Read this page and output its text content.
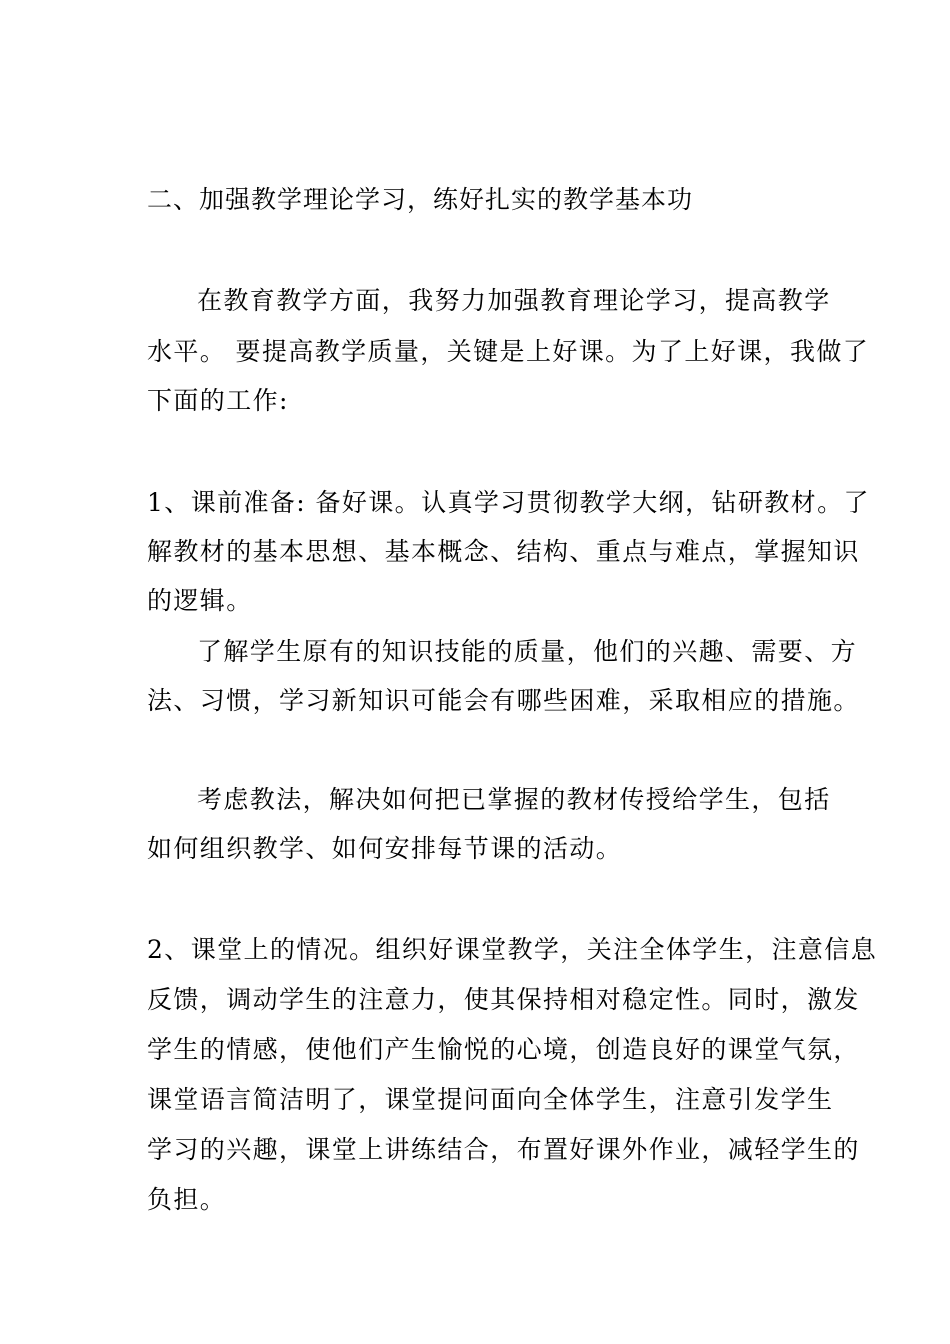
二、加强教学理论学习，练好扎实的教学基本功
在教育教学方面，我努力加强教育理论学习，提高教学
水平。 要提高教学质量，关键是上好课。为了上好课，我做了
下面的工作:
1、课前准备: 备好课。认真学习贯彻教学大纲，钻研教材。了
解教材的基本思想、基本概念、结构、重点与难点，掌握知识
的逻辑。
了解学生原有的知识技能的质量，他们的兴趣、需要、方
法、习惯，学习新知识可能会有哪些困难，采取相应的措施。
考虑教法，解决如何把已掌握的教材传授给学生，包括
如何组织教学、如何安排每节课的活动。
2、课堂上的情况。组织好课堂教学，关注全体学生，注意信息
反馈，调动学生的注意力，使其保持相对稳定性。同时，激发
学生的情感，使他们产生愉悦的心境，创造良好的课堂气氛，
课堂语言简洁明了，课堂提问面向全体学生，注意引发学生
学习的兴趣，课堂上讲练结合，布置好课外作业，减轻学生的
负担。
